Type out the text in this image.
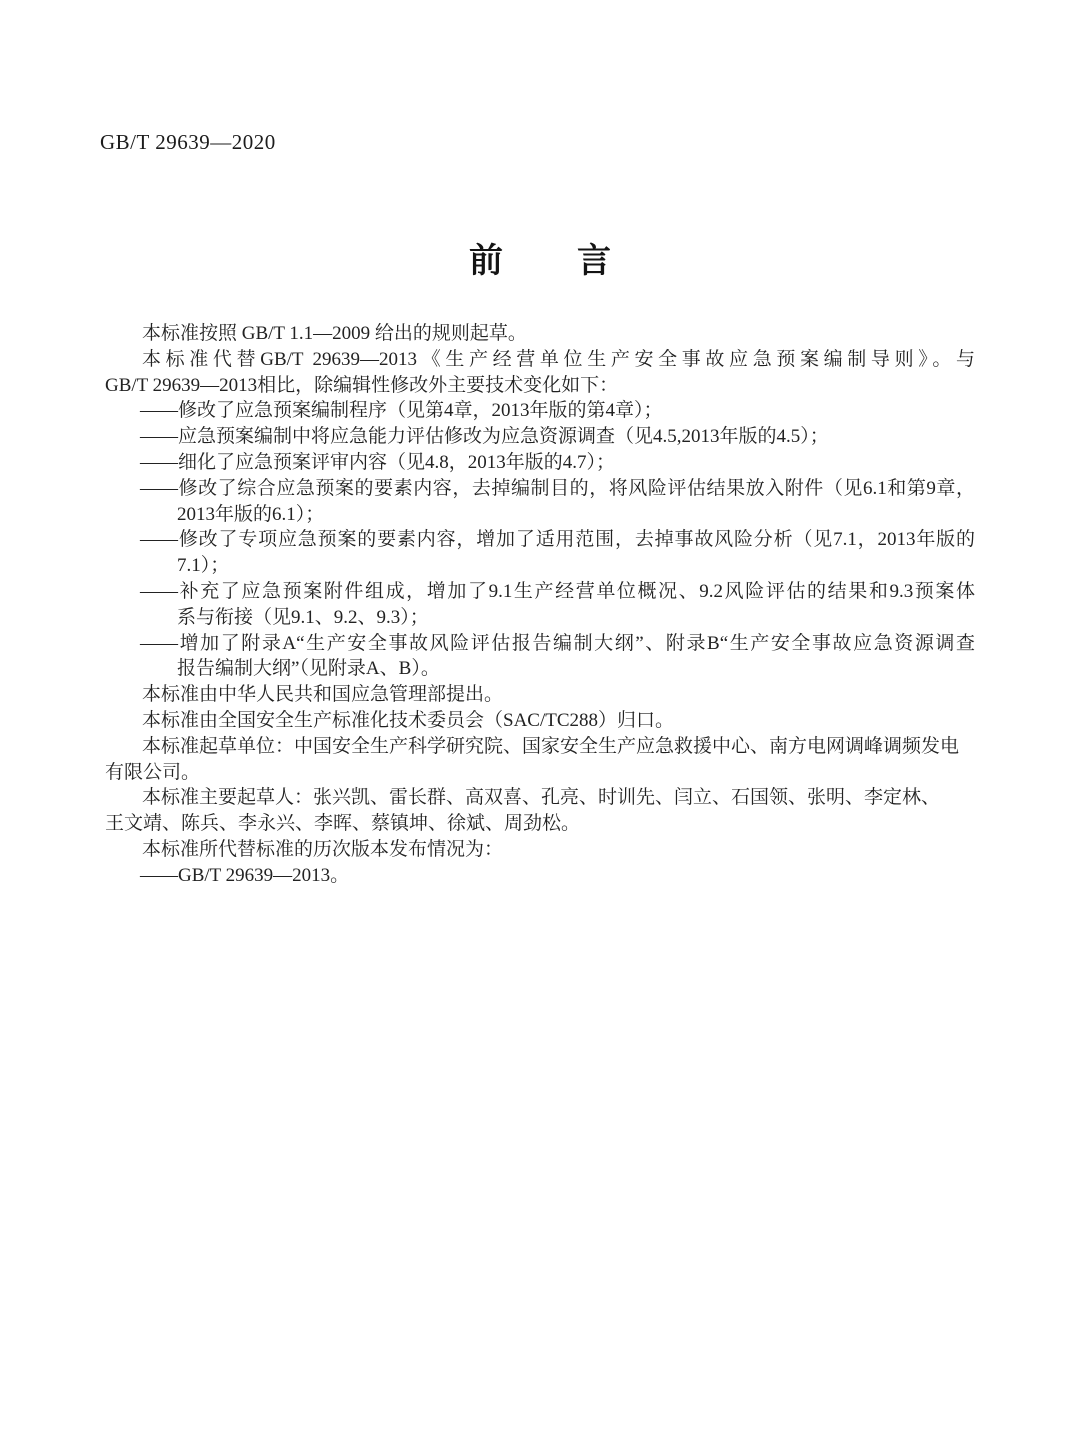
GB/T 29639—2020
前 言
本标准按照 GB/T 1.1—2009 给出的规则起草。
本标准代替GB/T 29639—2013《生产经营单位生产安全事故应急预案编制导则》。与
GB/T 29639—2013相比，除编辑性修改外主要技术变化如下：
——修改了应急预案编制程序（见第4章，2013年版的第4章）；
——应急预案编制中将应急能力评估修改为应急资源调查（见4.5,2013年版的4.5）；
——细化了应急预案评审内容（见4.8，2013年版的4.7）；
——修改了综合应急预案的要素内容，去掉编制目的，将风险评估结果放入附件（见6.1和第9章，
2013年版的6.1）；
——修改了专项应急预案的要素内容，增加了适用范围，去掉事故风险分析（见7.1，2013年版的
7.1）；
——补充了应急预案附件组成，增加了9.1生产经营单位概况、9.2风险评估的结果和9.3预案体
系与衔接（见9.1、9.2、9.3）；
——增加了附录A“生产安全事故风险评估报告编制大纲”、附录B“生产安全事故应急资源调查
报告编制大纲”（见附录A、B）。
本标准由中华人民共和国应急管理部提出。
本标准由全国安全生产标准化技术委员会（SAC/TC288）归口。
本标准起草单位：中国安全生产科学研究院、国家安全生产应急救援中心、南方电网调峰调频发电
有限公司。
本标准主要起草人：张兴凯、雷长群、高双喜、孔亮、时训先、闫立、石国领、张明、李定林、
王文靖、陈兵、李永兴、李晖、蔡镇坤、徐斌、周劲松。
本标准所代替标准的历次版本发布情况为：
——GB/T 29639—2013。
